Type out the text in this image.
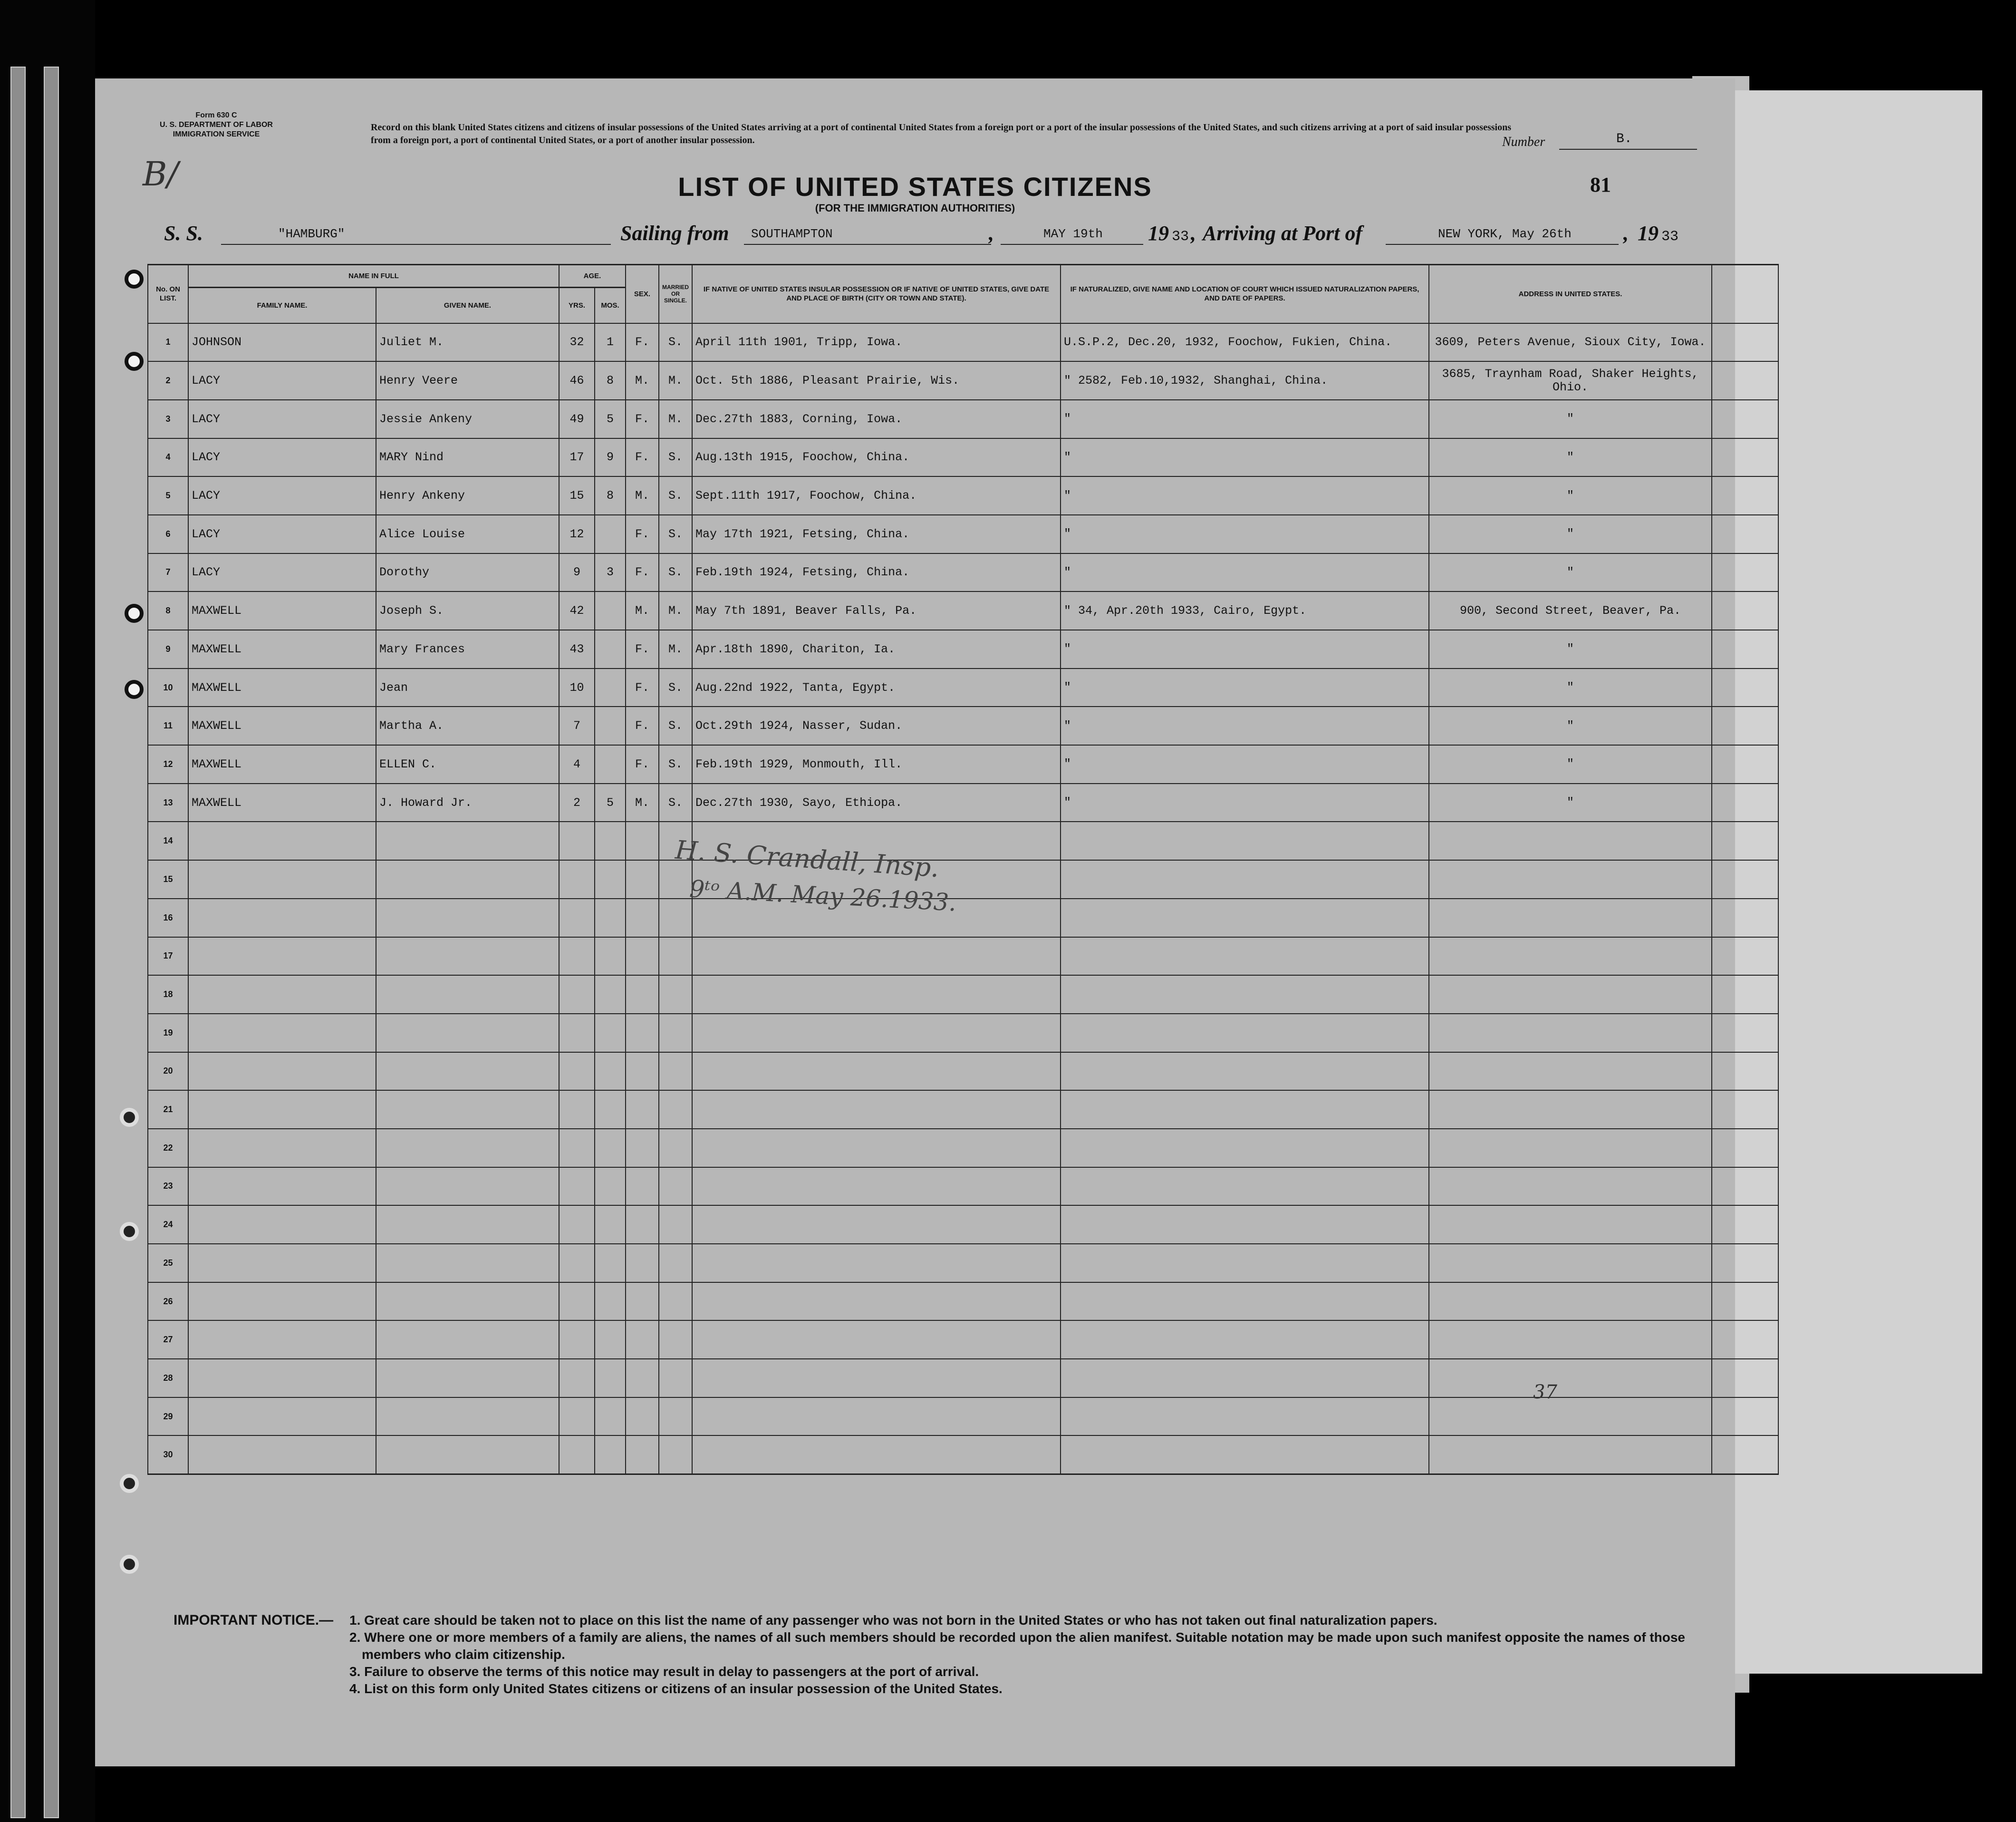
Form 630 C
U. S. DEPARTMENT OF LABOR
IMMIGRATION SERVICE
B/
Record on this blank United States citizens and citizens of insular possessions of the United States arriving at a port of continental United States from a foreign port or a port of the insular possessions of the United States, and such citizens arriving at a port of said insular possessions from a foreign port, a port of continental United States, or a port of another insular possession.	Number	B.
81
LIST OF UNITED STATES CITIZENS
(FOR THE IMMIGRATION AUTHORITIES)
S. S.	"HAMBURG"	Sailing from SOUTHAMPTON	,	MAY 19th 19 33 , Arriving at Port of	NEW YORK, May 26th , 19 33
No. ON LIST.	NAME IN FULL		AGE.		SEX.	MARRIED OR SINGLE.	IF NATIVE OF UNITED STATES INSULAR POSSESSION OR IF NATIVE OF UNITED STATES, GIVE DATE AND PLACE OF BIRTH (CITY OR TOWN AND STATE).	IF NATURALIZED, GIVE NAME AND LOCATION OF COURT WHICH ISSUED NATURALIZATION PAPERS, AND DATE OF PAPERS.	ADDRESS IN UNITED STATES.	
	FAMILY NAME.	GIVEN NAME.	YRS.	MOS.						
1	JOHNSON	Juliet M.	32	1	F.	S.	April 11th 1901, Tripp, Iowa.	U.S.P.2, Dec.20, 1932, Foochow, Fukien, China.	3609, Peters Avenue, Sioux City, Iowa.	
2	LACY	Henry Veere	46	8	M.	M.	Oct. 5th 1886, Pleasant Prairie, Wis.	" 2582, Feb.10,1932, Shanghai, China.	3685, Traynham Road, Shaker Heights, Ohio.	
3	LACY	Jessie Ankeny	49	5	F.	M.	Dec.27th 1883, Corning, Iowa.	"	"	
4	LACY	MARY Nind	17	9	F.	S.	Aug.13th 1915, Foochow, China.	"	"	
5	LACY	Henry Ankeny	15	8	M.	S.	Sept.11th 1917, Foochow, China.	"	"	
6	LACY	Alice Louise	12		F.	S.	May 17th 1921, Fetsing, China.	"	"	
7	LACY	Dorothy	9	3	F.	S.	Feb.19th 1924, Fetsing, China.	"	"	
8	MAXWELL	Joseph S.	42		M.	M.	May 7th 1891, Beaver Falls, Pa.	" 34, Apr.20th 1933, Cairo, Egypt.	900, Second Street, Beaver, Pa.	
9	MAXWELL	Mary Frances	43		F.	M.	Apr.18th 1890, Chariton, Ia.	"	"	
10	MAXWELL	Jean	10		F.	S.	Aug.22nd 1922, Tanta, Egypt.	"	"	
11	MAXWELL	Martha A.	7		F.	S.	Oct.29th 1924, Nasser, Sudan.	"	"	
12	MAXWELL	ELLEN C.	4		F.	S.	Feb.19th 1929, Monmouth, Ill.	"	"	
13	MAXWELL	J. Howard Jr.	2	5	M.	S.	Dec.27th 1930, Sayo, Ethiopa.	"	"	
14										
15										
16										
17										
18										
19										
20										
21										
22										
23										
24										
25										
26										
27										
28										
29										
30										
H. S. Crandall, Insp.
9ᵗᵒ A.M. May 26.1933.
37
IMPORTANT NOTICE.— 1. Great care should be taken not to place on this list the name of any passenger who was not born in the United States or who has not taken out final naturalization papers.
2. Where one or more members of a family are aliens, the names of all such members should be recorded upon the alien manifest. Suitable notation may be made upon such manifest opposite the names of those members who claim citizenship.
3. Failure to observe the terms of this notice may result in delay to passengers at the port of arrival.
4. List on this form only United States citizens or citizens of an insular possession of the United States.
